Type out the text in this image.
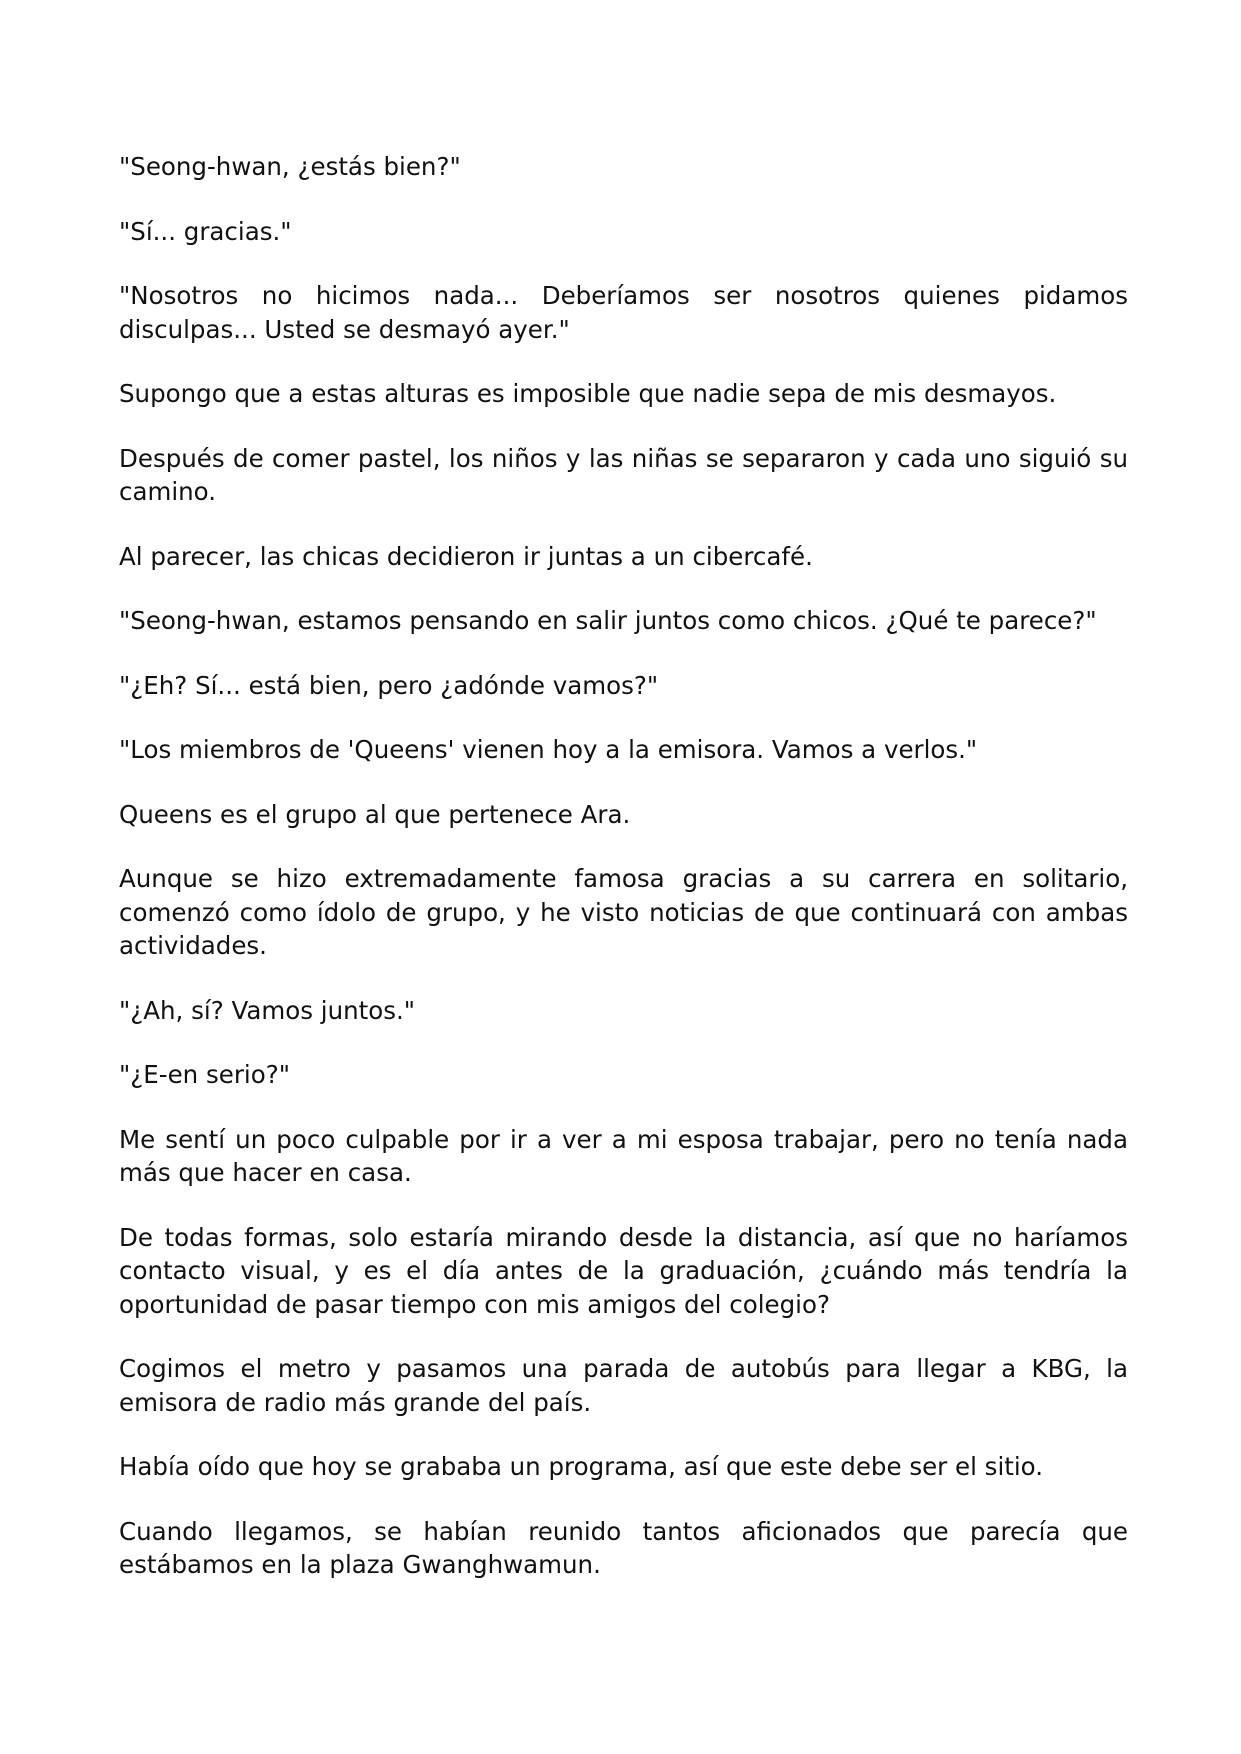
"Seong-hwan, ¿estás bien?"

"Sí... gracias."

"Nosotros no hicimos nada... Deberíamos ser nosotros quienes pidamos disculpas... Usted se desmayó ayer."

Supongo que a estas alturas es imposible que nadie sepa de mis desmayos.

Después de comer pastel, los niños y las niñas se separaron y cada uno siguió su camino.

Al parecer, las chicas decidieron ir juntas a un cibercafé.

"Seong-hwan, estamos pensando en salir juntos como chicos. ¿Qué te parece?"

"¿Eh? Sí... está bien, pero ¿adónde vamos?"

"Los miembros de 'Queens' vienen hoy a la emisora. Vamos a verlos."

Queens es el grupo al que pertenece Ara.

Aunque se hizo extremadamente famosa gracias a su carrera en solitario, comenzó como ídolo de grupo, y he visto noticias de que continuará con ambas actividades.

"¿Ah, sí? Vamos juntos."

"¿E-en serio?"

Me sentí un poco culpable por ir a ver a mi esposa trabajar, pero no tenía nada más que hacer en casa.

De todas formas, solo estaría mirando desde la distancia, así que no haríamos contacto visual, y es el día antes de la graduación, ¿cuándo más tendría la oportunidad de pasar tiempo con mis amigos del colegio?

Cogimos el metro y pasamos una parada de autobús para llegar a KBG, la emisora de radio más grande del país.

Había oído que hoy se grababa un programa, así que este debe ser el sitio.

Cuando llegamos, se habían reunido tantos aficionados que parecía que estábamos en la plaza Gwanghwamun.
